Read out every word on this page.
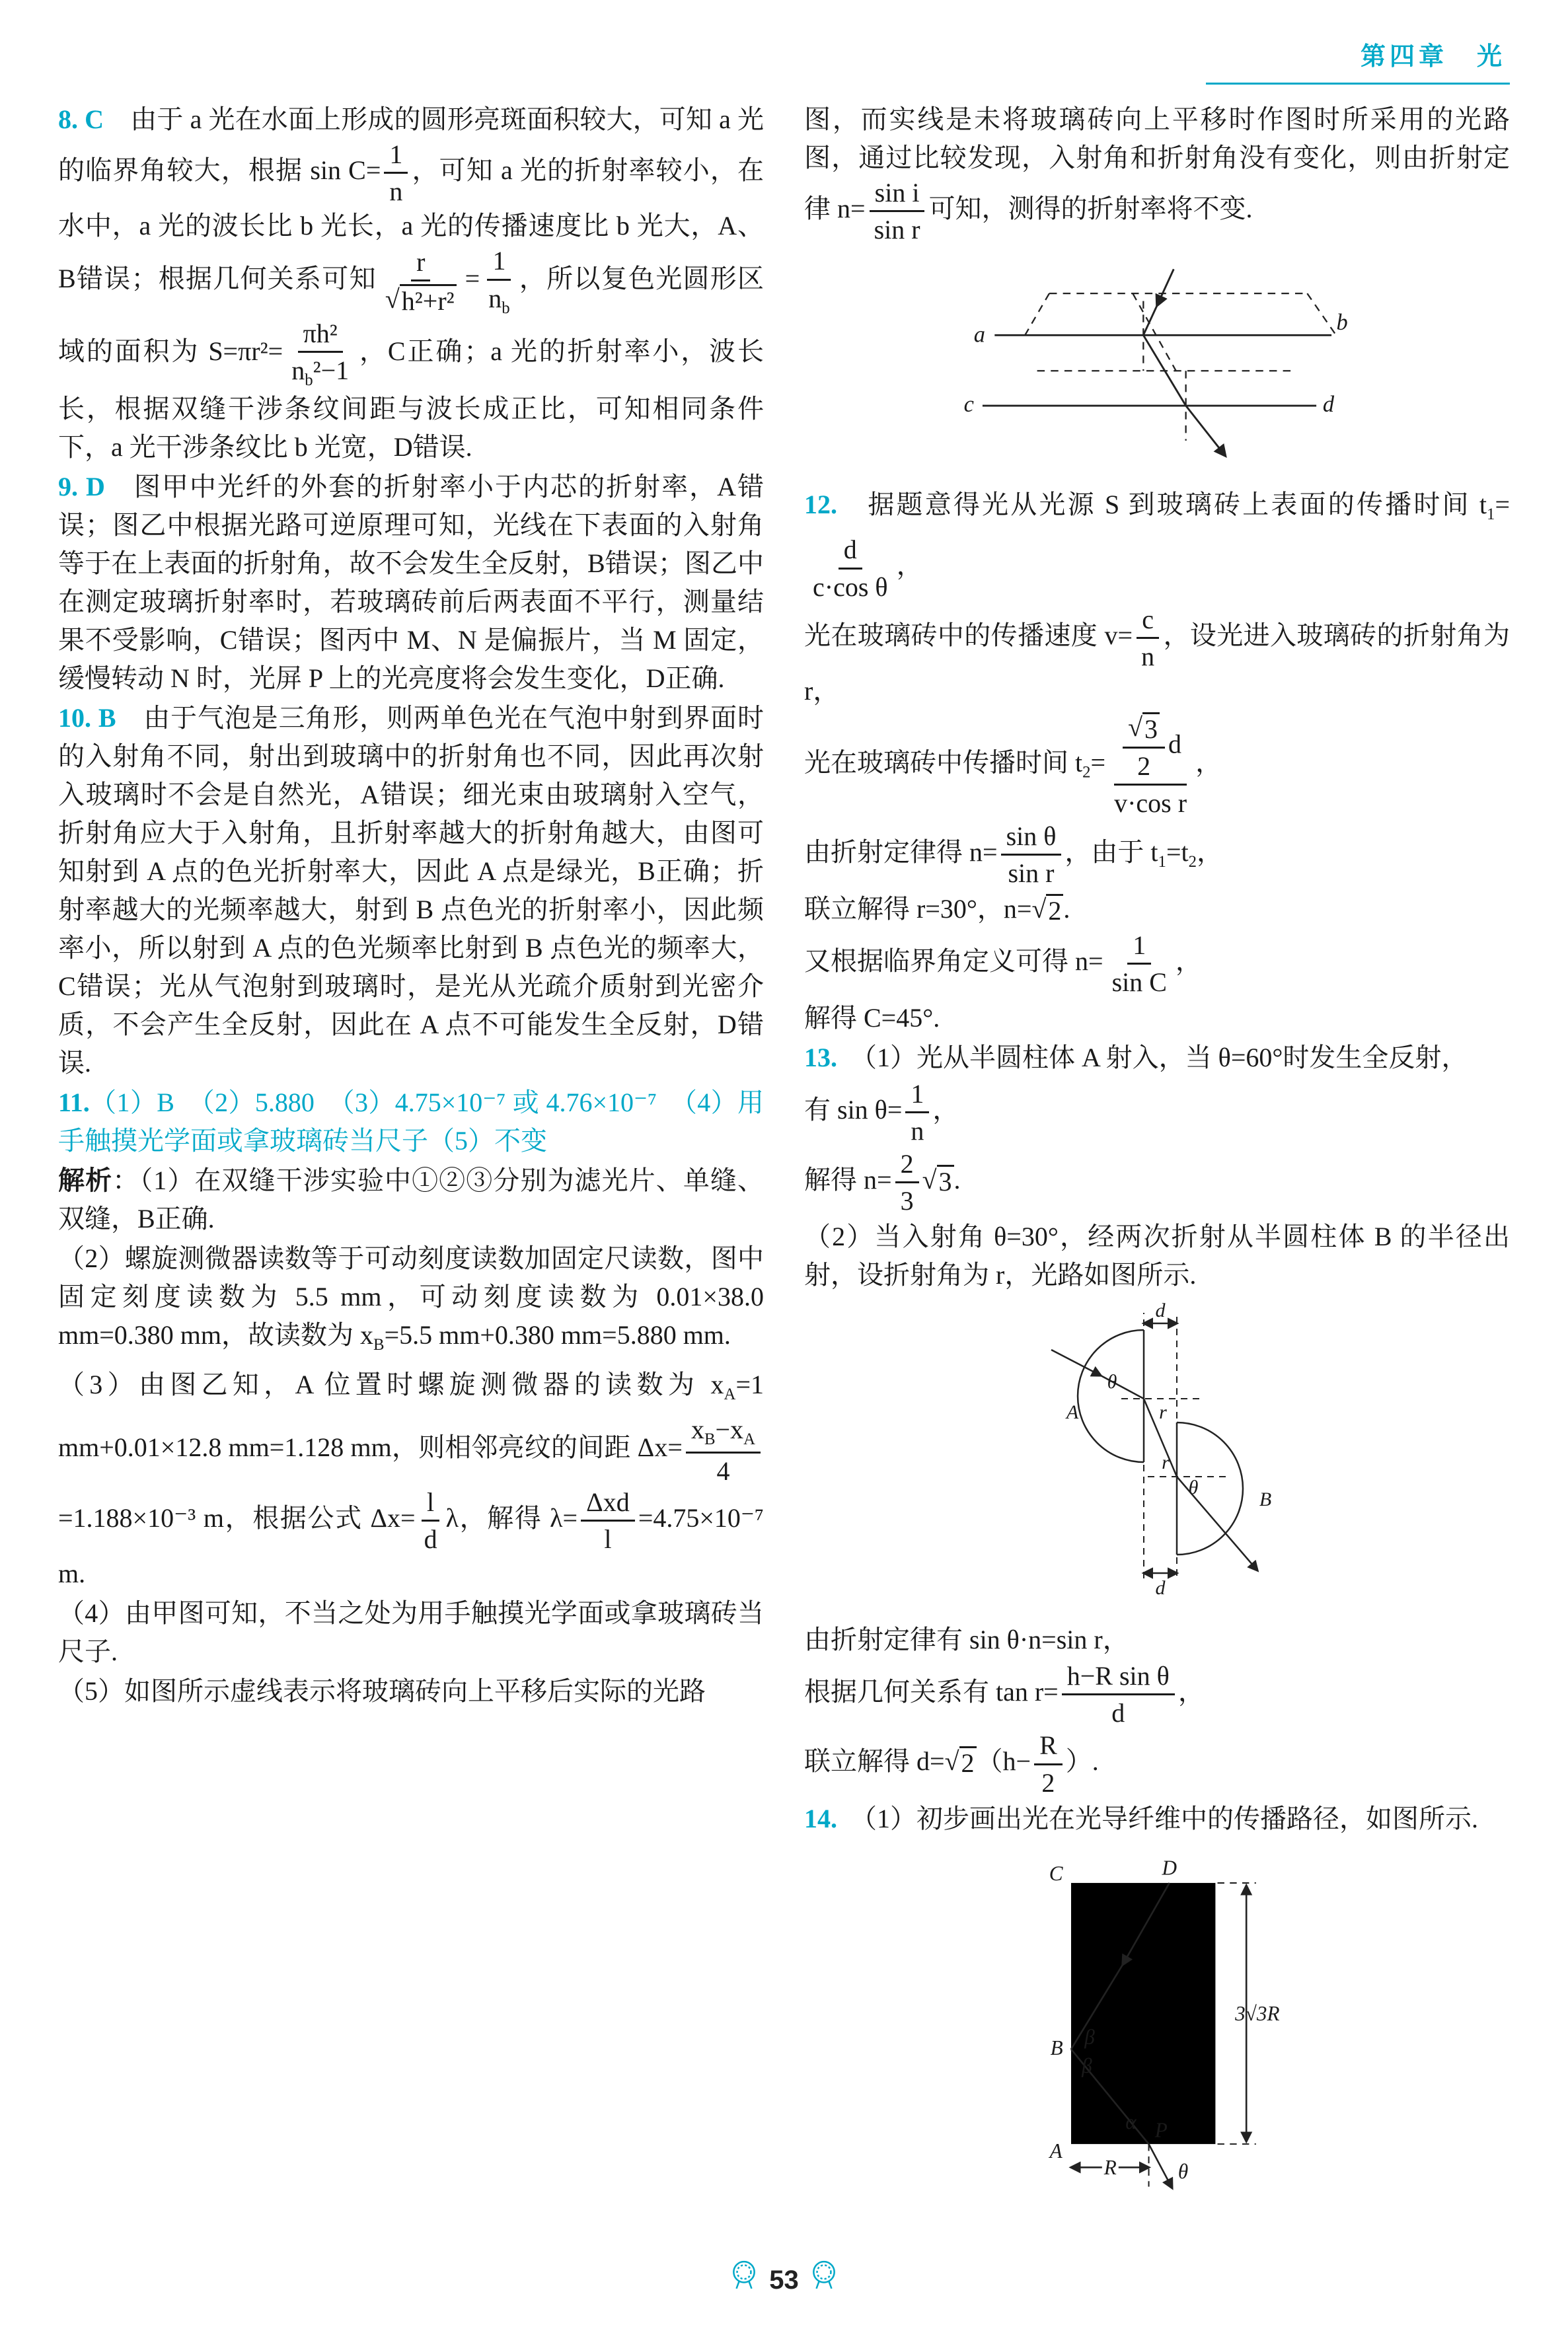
第四章　光

8. C　由于 a 光在水面上形成的圆形亮斑面积较大，可知 a 光的临界角较大，根据 $\sin C= \frac{1}{n}$ ，可知 a 光的折射率较小，在水中，a 光的波长比 b 光长，a 光的传播速度比 b 光大，A、B错误；根据几何关系可知 $\frac{r}{\text{√ h²+r²}} = \frac{1}{n_b}$ ，所以复色光圆形区域的面积为 $S=\pi r^2= \frac{\text{πh²}}{n_b^2-1}$ ，C正确；a 光的折射率小，波长长，根据双缝干涉条纹间距与波长成正比，可知相同条件下，a 光干涉条纹比 b 光宽，D错误.

9. D　图甲中光纤的外套的折射率小于内芯的折射率，A错误；图乙中根据光路可逆原理可知，光线在下表面的入射角等于在上表面的折射角，故不会发生全反射，B错误；图乙中在测定玻璃折射率时，若玻璃砖前后两表面不平行，测量结果不受影响，C错误；图丙中 M、N 是偏振片，当 M 固定，缓慢转动 N 时，光屏 P 上的光亮度将会发生变化，D正确.

10. B　由于气泡是三角形，则两单色光在气泡中射到界面时的入射角不同，射出到玻璃中的折射角也不同，因此再次射入玻璃时不会是自然光，A错误；细光束由玻璃射入空气，折射角应大于入射角，且折射率越大的折射角越大，由图可知射到 A 点的色光折射率大，因此 A 点是绿光，B正确；折射率越大的光频率越大，射到 B 点色光的折射率小，因此频率小，所以射到 A 点的色光频率比射到 B 点色光的频率大，C错误；光从气泡射到玻璃时，是光从光疏介质射到光密介质，不会产生全反射，因此在 A 点不可能发生全反射，D错误.

11.（1）B　（2）5.880　（3）4.75×10⁻⁷ 或 4.76×10⁻⁷　（4）用手触摸光学面或拿玻璃砖当尺子（5）不变

解析：（1）在双缝干涉实验中①②③分别为滤光片、单缝、双缝，B正确.

（2）螺旋测微器读数等于可动刻度读数加固定尺读数，图中固定刻度读数为 5.5 mm，可动刻度读数为 0.01×38.0 mm=0.380 mm，故读数为 $x_B=5.5$ mm+0.380 mm=5.880 mm.

（3）由图乙知，A 位置时螺旋测微器的读数为 $x_A=1$ mm+0.01×12.8 mm=1.128 mm，则相邻亮纹的间距 $\Delta x= \frac{x_B-x_A}{4}$
=1.188×10⁻³ m，根据公式 $\Delta x= \frac{l}{d}$ λ，解得 $\lambda= \frac{\text{Δxd}}{l} =4.75\times 10^{-7}$ m.

（4）由甲图可知，不当之处为用手触摸光学面或拿玻璃砖当尺子.

（5）如图所示虚线表示将玻璃砖向上平移后实际的光路

图，而实线是未将玻璃砖向上平移时作图时所采用的光路图，通过比较发现，入射角和折射角没有变化，则由折射定律 $n= \frac{\text{sin i}}{\text{sin r}}$ 可知，测得的折射率将不变.

a	b
c	d

12.　据题意得光从光源 S 到玻璃砖上表面的传播时间 $t_1=$
$\frac{d}{\text{c·cos θ}}$ ，

光在玻璃砖中的传播速度 $v= \frac{c}{n}$ ，设光进入玻璃砖的折射角为 r，

光在玻璃砖中传播时间 $t_2= \frac{\frac{√ 3}{2} d}{\text{v·cos r}}$ ，

由折射定律得 $n= \frac{\text{sin θ}}{\text{sin r}}$ ，由于 $t_1=t_2$，

联立解得 r=30°，n= √ 2 .

又根据临界角定义可得 $n= \frac{1}{\text{sin C}}$ ，

解得 C=45°.

13.　（1）光从半圆柱体 A 射入，当 θ=60°时发生全反射，

有 $\sin \theta= \frac{1}{n}$ ，

解得 $n= \frac{2}{3}$ √ 3 .

（2）当入射角 θ=30°，经两次折射从半圆柱体 B 的半径出射，设折射角为 r，光路如图所示.

d
A
θ
r
r
θ
B
d

由折射定律有 sin θ·n=sin r，

根据几何关系有 $\tan r= \frac{\text{h−R sin θ}}{d}$ ，

联立解得 d= √ 2 （$h- \frac{R}{2}$ ）.

14.　（1）初步画出光在光导纤维中的传播路径，如图所示.

C	D
B
A
P
β
β
α
θ
R
3√3R
53
